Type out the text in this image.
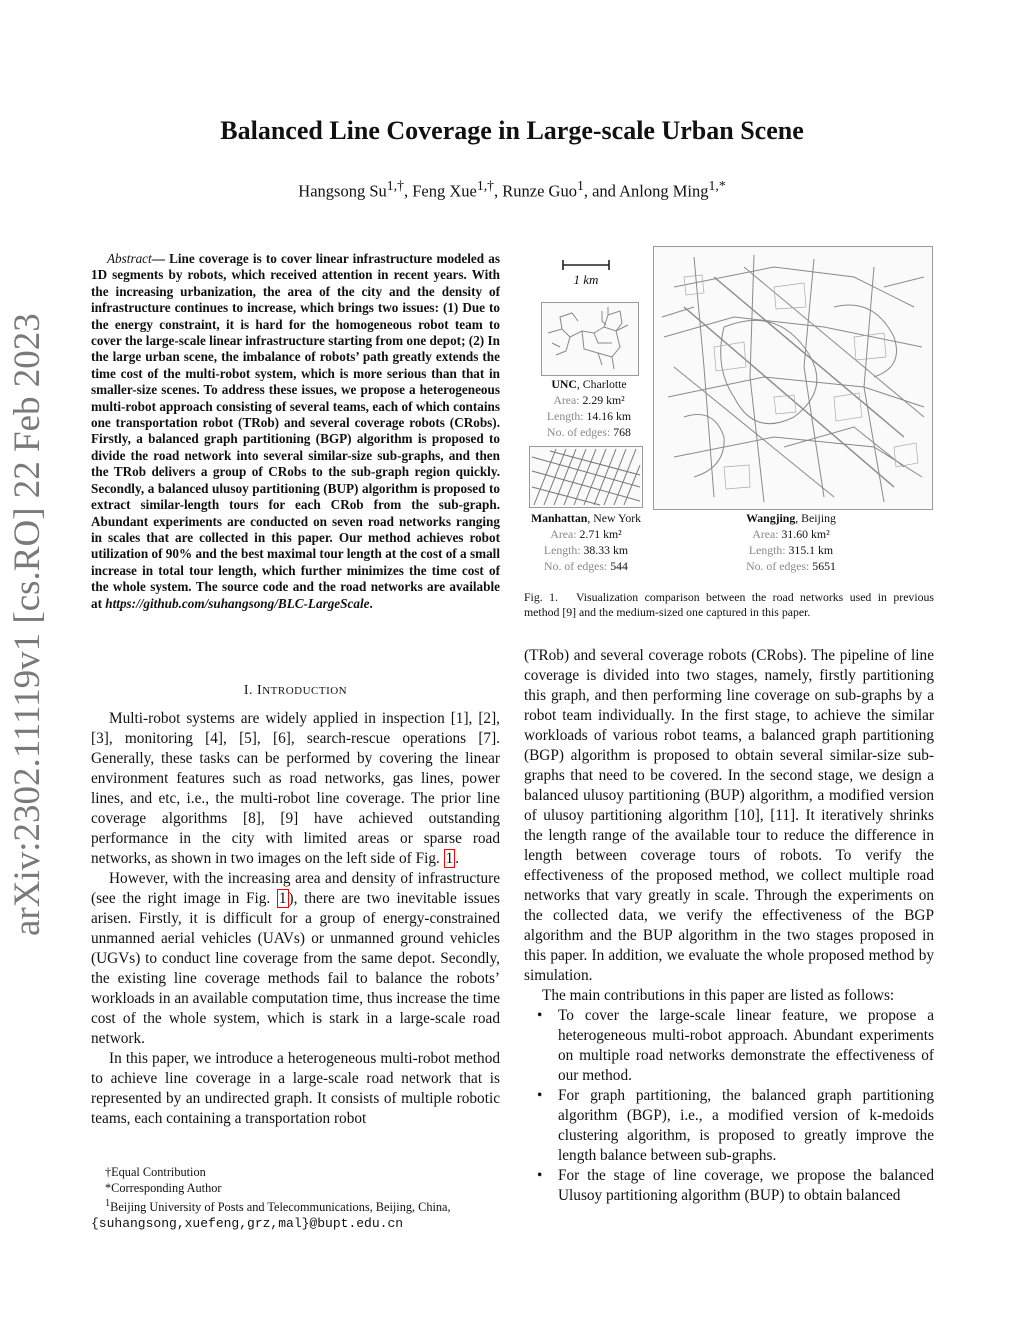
arXiv:2302.11119v1 [cs.RO] 22 Feb 2023
Balanced Line Coverage in Large-scale Urban Scene
Hangsong $Su^{1,\dagger}$, Feng Xue$^{1,\dagger}$, Runze Guo$^1$, and Anlong Ming$^{1,*}$
Abstract— Line coverage is to cover linear infrastructure modeled as 1D segments by robots, which received attention in recent years. With the increasing urbanization, the area of the city and the density of infrastructure continues to increase, which brings two issues: (1) Due to the energy constraint, it is hard for the homogeneous robot team to cover the large-scale linear infrastructure starting from one depot; (2) In the large urban scene, the imbalance of robots’ path greatly extends the time cost of the multi-robot system, which is more serious than that in smaller-size scenes. To address these issues, we propose a heterogeneous multi-robot approach consisting of several teams, each of which contains one transportation robot (TRob) and several coverage robots (CRobs). Firstly, a balanced graph partitioning (BGP) algorithm is proposed to divide the road network into several similar-size sub-graphs, and then the TRob delivers a group of CRobs to the sub-graph region quickly. Secondly, a balanced ulusoy partitioning (BUP) algorithm is proposed to extract similar-length tours for each CRob from the sub-graph. Abundant experiments are conducted on seven road networks ranging in scales that are collected in this paper. Our method achieves robot utilization of 90% and the best maximal tour length at the cost of a small increase in total tour length, which further minimizes the time cost of the whole system. The source code and the road networks are available at https://github.com/suhangsong/BLC-LargeScale.
I. INTRODUCTION

Multi-robot systems are widely applied in inspection [1], [2], [3], monitoring [4], [5], [6], search-rescue operations [7]. Generally, these tasks can be performed by covering the linear environment features such as road networks, gas lines, power lines, and etc, i.e., the multi-robot line coverage. The prior line coverage algorithms [8], [9] have achieved outstanding performance in the city with limited areas or sparse road networks, as shown in two images on the left side of Fig. 1 .

However, with the increasing area and density of infrastructure (see the right image in Fig. 1 ), there are two inevitable issues arisen. Firstly, it is difficult for a group of energy-constrained unmanned aerial vehicles (UAVs) or unmanned ground vehicles (UGVs) to conduct line coverage from the same depot. Secondly, the existing line coverage methods fail to balance the robots’ workloads in an available computation time, thus increase the time cost of the whole system, which is stark in a large-scale road network.

In this paper, we introduce a heterogeneous multi-robot method to achieve line coverage in a large-scale road network that is represented by an undirected graph. It consists of multiple robotic teams, each containing a transportation robot

†Equal Contribution
*Corresponding Author
$^1$Beijing University of Posts and Telecommunications, Beijing, China,
{suhangsong,xuefeng,grz,mal}@bupt.edu.cn
1 km
UNC, Charlotte
Area: 2.29 km²
Length: 14.16 km
No. of edges: 768
Manhattan, New York
Area: 2.71 km²
Length: 38.33 km
No. of edges: 544
Wangjing, Beijing
Area: 31.60 km²
Length: 315.1 km
No. of edges: 5651
Fig. 1. Visualization comparison between the road networks used in previous method [9] and the medium-sized one captured in this paper.

(TRob) and several coverage robots (CRobs). The pipeline of line coverage is divided into two stages, namely, firstly partitioning this graph, and then performing line coverage on sub-graphs by a robot team individually. In the first stage, to achieve the similar workloads of various robot teams, a balanced graph partitioning (BGP) algorithm is proposed to obtain several similar-size sub-graphs that need to be covered. In the second stage, we design a balanced ulusoy partitioning (BUP) algorithm, a modified version of ulusoy partitioning algorithm [10], [11]. It iteratively shrinks the length range of the available tour to reduce the difference in length between coverage tours of robots. To verify the effectiveness of the proposed method, we collect multiple road networks that vary greatly in scale. Through the experiments on the collected data, we verify the effectiveness of the BGP algorithm and the BUP algorithm in the two stages proposed in this paper. In addition, we evaluate the whole proposed method by simulation.

The main contributions in this paper are listed as follows:

• To cover the large-scale linear feature, we propose a heterogeneous multi-robot approach. Abundant experiments on multiple road networks demonstrate the effectiveness of our method.
• For graph partitioning, the balanced graph partitioning algorithm (BGP), i.e., a modified version of k-medoids clustering algorithm, is proposed to greatly improve the length balance between sub-graphs.
• For the stage of line coverage, we propose the balanced Ulusoy partitioning algorithm (BUP) to obtain balanced
